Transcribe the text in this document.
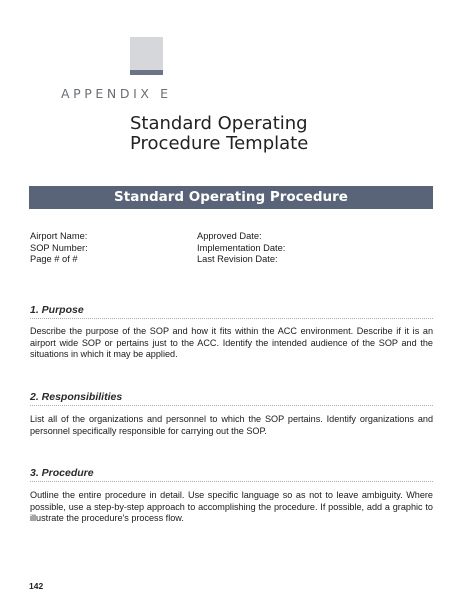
APPENDIX E
Standard Operating
Procedure Template
Standard Operating Procedure
Airport Name:
SOP Number:
Page # of #
Approved Date:
Implementation Date:
Last Revision Date:
1. Purpose

Describe the purpose of the SOP and how it fits within the ACC environment. Describe if it is an airport wide SOP or pertains just to the ACC. Identify the intended audience of the SOP and the situations in which it may be applied.

2. Responsibilities

List all of the organizations and personnel to which the SOP pertains. Identify organizations and personnel specifically responsible for carrying out the SOP.

3. Procedure

Outline the entire procedure in detail. Use specific language so as not to leave ambiguity. Where possible, use a step-by-step approach to accomplishing the procedure. If possible, add a graphic to illustrate the procedure's process flow.

142
